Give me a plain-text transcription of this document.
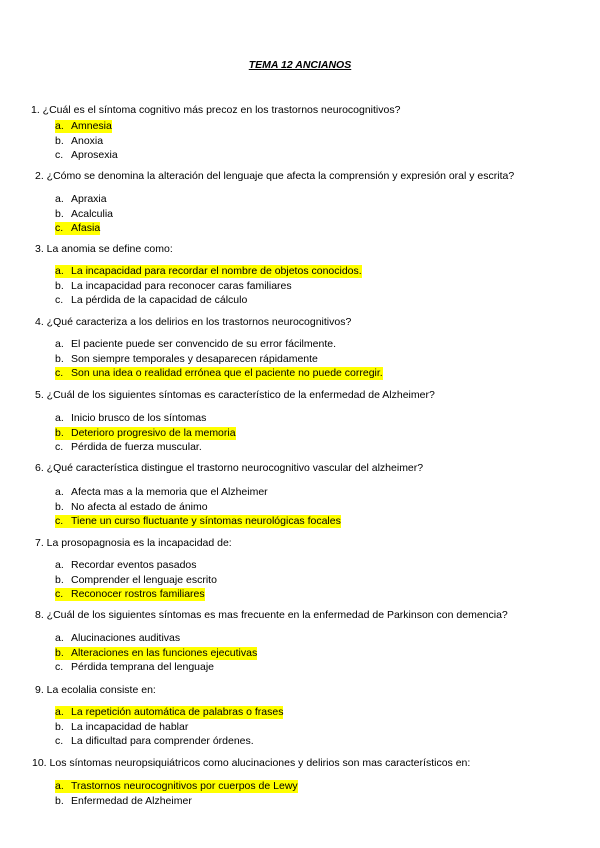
TEMA 12 ANCIANOS
1. ¿Cuál es el síntoma cognitivo más precoz en los trastornos neurocognitivos?
a. Amnesia
b. Anoxia
c. Aprosexia
2. ¿Cómo se denomina la alteración del lenguaje que afecta la comprensión y expresión oral y escrita?
a. Apraxia
b. Acalculia
c. Afasia
3. La anomia se define como:
a. La incapacidad para recordar el nombre de objetos conocidos.
b. La incapacidad para reconocer caras familiares
c. La pérdida de la capacidad de cálculo
4. ¿Qué caracteriza a los delirios en los trastornos neurocognitivos?
a. El paciente puede ser convencido de su error fácilmente.
b. Son siempre temporales y desaparecen rápidamente
c. Son una idea o realidad errónea que el paciente no puede corregir.
5. ¿Cuál de los siguientes síntomas es característico de la enfermedad de Alzheimer?
a. Inicio brusco de los síntomas
b. Deterioro progresivo de la memoria
c. Pérdida de fuerza muscular.
6. ¿Qué característica distingue el trastorno neurocognitivo vascular del alzheimer?
a. Afecta mas a la memoria que el Alzheimer
b. No afecta al estado de ánimo
c. Tiene un curso fluctuante y síntomas neurológicas focales
7. La prosopagnosia es la incapacidad de:
a. Recordar eventos pasados
b. Comprender el lenguaje escrito
c. Reconocer rostros familiares
8. ¿Cuál de los siguientes síntomas es mas frecuente en la enfermedad de Parkinson con demencia?
a. Alucinaciones auditivas
b. Alteraciones en las funciones ejecutivas
c. Pérdida temprana del lenguaje
9. La ecolalia consiste en:
a. La repetición automática de palabras o frases
b. La incapacidad de hablar
c. La dificultad para comprender órdenes.
10. Los síntomas neuropsiquiátricos como alucinaciones y delirios son mas característicos en:
a. Trastornos neurocognitivos por cuerpos de Lewy
b. Enfermedad de Alzheimer
